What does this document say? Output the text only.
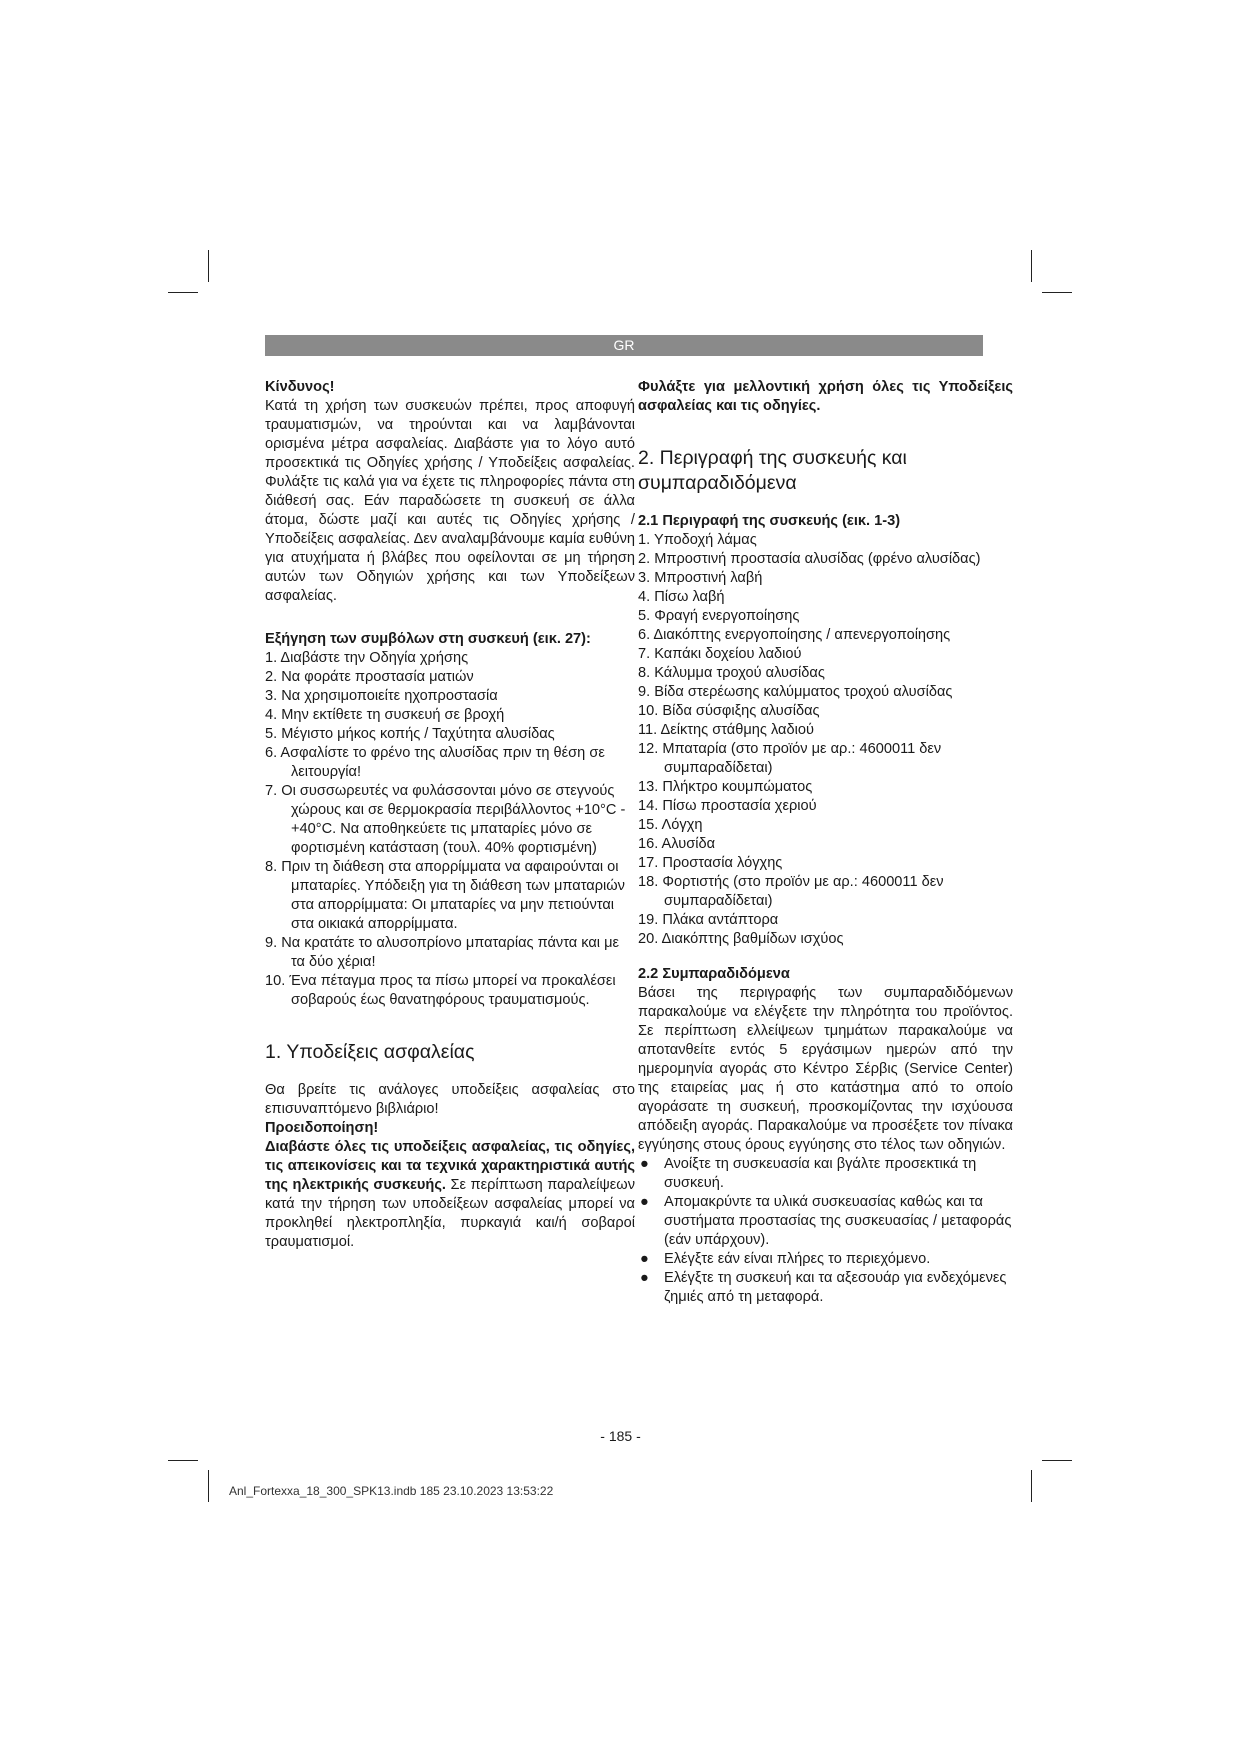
GR

Κίνδυνος!

Κατά τη χρήση των συσκευών πρέπει, προς αποφυγή τραυματισμών, να τηρούνται και να λαμβάνονται ορισμένα μέτρα ασφαλείας. Διαβάστε για το λόγο αυτό προσεκτικά τις Οδηγίες χρήσης / Υποδείξεις ασφαλείας. Φυλάξτε τις καλά για να έχετε τις πληροφορίες πάντα στη διάθεσή σας. Εάν παραδώσετε τη συσκευή σε άλλα άτομα, δώστε μαζί και αυτές τις Οδηγίες χρήσης / Υποδείξεις ασφαλείας. Δεν αναλαμβάνουμε καμία ευθύνη για ατυχήματα ή βλάβες που οφείλονται σε μη τήρηση αυτών των Οδηγιών χρήσης και των Υποδείξεων ασφαλείας.

Εξήγηση των συμβόλων στη συσκευή (εικ. 27):

1. Διαβάστε την Οδηγία χρήσης
2. Να φοράτε προστασία ματιών
3. Να χρησιμοποιείτε ηχοπροστασία
4. Μην εκτίθετε τη συσκευή σε βροχή
5. Μέγιστο μήκος κοπής / Ταχύτητα αλυσίδας
6. Ασφαλίστε το φρένο της αλυσίδας πριν τη θέση σε λειτουργία!
7. Οι συσσωρευτές να φυλάσσονται μόνο σε στεγνούς χώρους και σε θερμοκρασία περιβάλλοντος +10°C - +40°C. Να αποθηκεύετε τις μπαταρίες μόνο σε φορτισμένη κατάσταση (τουλ. 40% φορτισμένη)
8. Πριν τη διάθεση στα απορρίμματα να αφαιρούνται οι μπαταρίες. Υπόδειξη για τη διάθεση των μπαταριών στα απορρίμματα: Οι μπαταρίες να μην πετιούνται στα οικιακά απορρίμματα.
9. Να κρατάτε το αλυσοπρίονο μπαταρίας πάντα και με τα δύο χέρια!
10. Ένα πέταγμα προς τα πίσω μπορεί να προκαλέσει σοβαρούς έως θανατηφόρους τραυματισμούς.

1. Υποδείξεις ασφαλείας

Θα βρείτε τις ανάλογες υποδείξεις ασφαλείας στο επισυναπτόμενο βιβλιάριο!

Προειδοποίηση!

Διαβάστε όλες τις υποδείξεις ασφαλείας, τις οδηγίες, τις απεικονίσεις και τα τεχνικά χαρακτηριστικά αυτής της ηλεκτρικής συσκευής. Σε περίπτωση παραλείψεων κατά την τήρηση των υποδείξεων ασφαλείας μπορεί να προκληθεί ηλεκτροπληξία, πυρκαγιά και/ή σοβαροί τραυματισμοί.

Φυλάξτε για μελλοντική χρήση όλες τις Υποδείξεις ασφαλείας και τις οδηγίες.

2. Περιγραφή της συσκευής και συμπαραδιδόμενα

2.1 Περιγραφή της συσκευής (εικ. 1-3)

1. Υποδοχή λάμας
2. Μπροστινή προστασία αλυσίδας (φρένο αλυσίδας)
3. Μπροστινή λαβή
4. Πίσω λαβή
5. Φραγή ενεργοποίησης
6. Διακόπτης ενεργοποίησης / απενεργοποίησης
7. Καπάκι δοχείου λαδιού
8. Κάλυμμα τροχού αλυσίδας
9. Βίδα στερέωσης καλύμματος τροχού αλυσίδας
10. Βίδα σύσφιξης αλυσίδας
11. Δείκτης στάθμης λαδιού
12. Μπαταρία (στο προϊόν με αρ.: 4600011 δεν συμπαραδίδεται)
13. Πλήκτρο κουμπώματος
14. Πίσω προστασία χεριού
15. Λόγχη
16. Αλυσίδα
17. Προστασία λόγχης
18. Φορτιστής (στο προϊόν με αρ.: 4600011 δεν συμπαραδίδεται)
19. Πλάκα αντάπτορα
20. Διακόπτης βαθμίδων ισχύος

2.2 Συμπαραδιδόμενα

Βάσει της περιγραφής των συμπαραδιδόμενων παρακαλούμε να ελέγξετε την πληρότητα του προϊόντος. Σε περίπτωση ελλείψεων τμημάτων παρακαλούμε να αποτανθείτε εντός 5 εργάσιμων ημερών από την ημερομηνία αγοράς στο Κέντρο Σέρβις (Service Center) της εταιρείας μας ή στο κατάστημα από το οποίο αγοράσατε τη συσκευή, προσκομίζοντας την ισχύουσα απόδειξη αγοράς. Παρακαλούμε να προσέξετε τον πίνακα εγγύησης στους όρους εγγύησης στο τέλος των οδηγιών.

● Ανοίξτε τη συσκευασία και βγάλτε προσεκτικά τη συσκευή.
● Απομακρύντε τα υλικά συσκευασίας καθώς και τα συστήματα προστασίας της συσκευασίας / μεταφοράς (εάν υπάρχουν).
● Ελέγξτε εάν είναι πλήρες το περιεχόμενο.
● Ελέγξτε τη συσκευή και τα αξεσουάρ για ενδεχόμενες ζημιές από τη μεταφορά.
- 185 -
Anl_Fortexxa_18_300_SPK13.indb 185 23.10.2023 13:53:22
